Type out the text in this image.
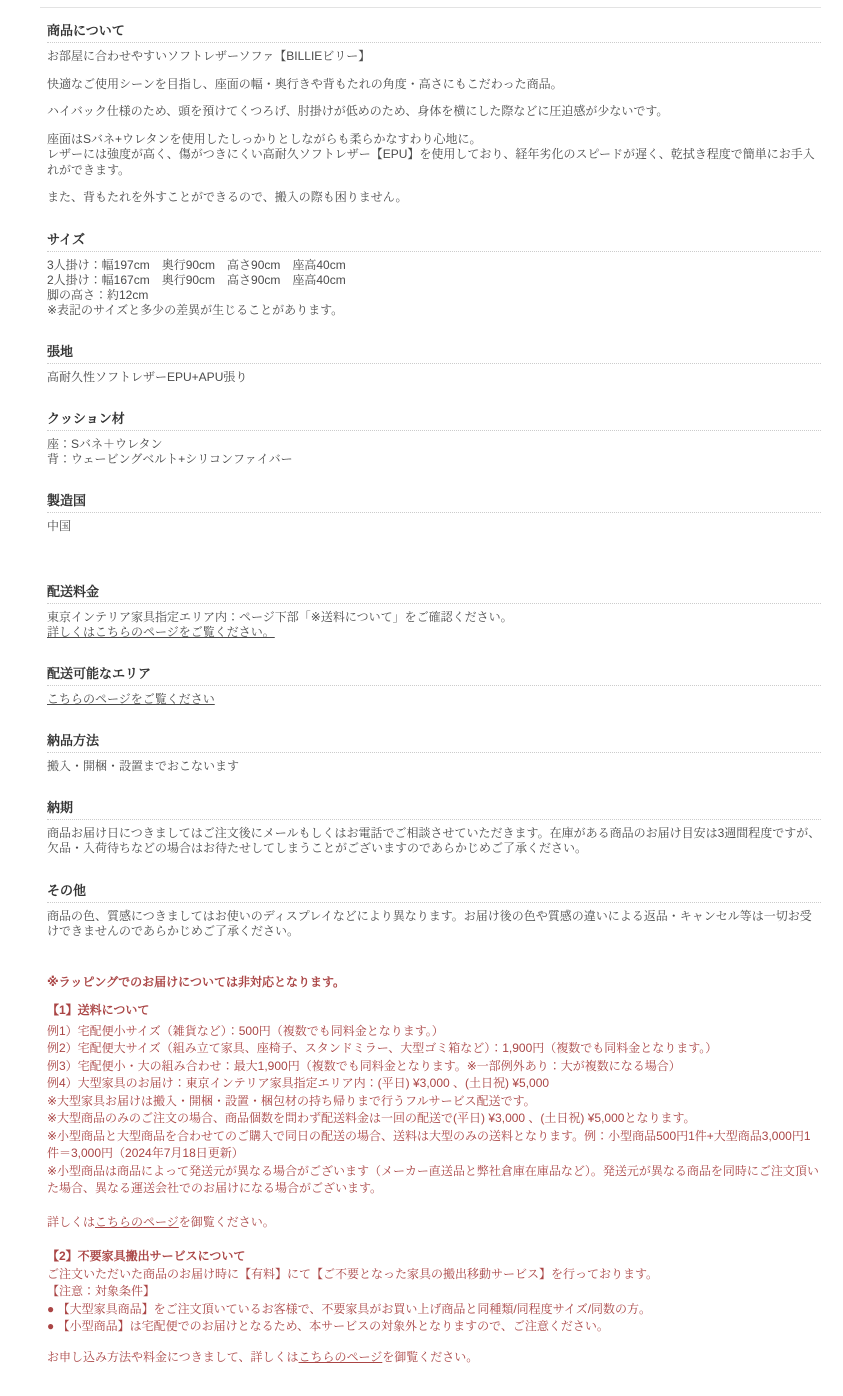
商品について

お部屋に合わせやすいソフトレザーソファ【BILLIEビリー】

快適なご使用シーンを目指し、座面の幅・奥行きや背もたれの角度・高さにもこだわった商品。

ハイバック仕様のため、頭を預けてくつろげ、肘掛けが低めのため、身体を横にした際などに圧迫感が少ないです。

座面はSバネ+ウレタンを使用したしっかりとしながらも柔らかなすわり心地に。
レザーには強度が高く、傷がつきにくい高耐久ソフトレザー【EPU】を使用しており、経年劣化のスピードが遅く、乾拭き程度で簡単にお手入れができます。

また、背もたれを外すことができるので、搬入の際も困りません。

サイズ
3人掛け：幅197cm　奥行90cm　高さ90cm　座高40cm
2人掛け：幅167cm　奥行90cm　高さ90cm　座高40cm
脚の高さ：約12cm
※表記のサイズと多少の差異が生じることがあります。
張地
高耐久性ソフトレザーEPU+APU張り
クッション材
座：Sバネ＋ウレタン
背：ウェービングベルト+シリコンファイバー
製造国
中国
配送料金
東京インテリア家具指定エリア内：ページ下部「※送料について」をご確認ください。
詳しくはこちらのページをご覧ください。
配送可能なエリア
こちらのページをご覧ください
納品方法
搬入・開梱・設置までおこないます
納期

商品お届け日につきましてはご注文後にメールもしくはお電話でご相談させていただきます。在庫がある商品のお届け目安は3週間程度ですが、欠品・入荷待ちなどの場合はお待たせしてしまうことがございますのであらかじめご了承ください。

その他

商品の色、質感につきましてはお使いのディスプレイなどにより異なります。お届け後の色や質感の違いによる返品・キャンセル等は一切お受けできませんのであらかじめご了承ください。

※ラッピングでのお届けについては非対応となります。

【1】送料について

例1）宅配便小サイズ（雑貨など）：500円（複数でも同料金となります。）

例2）宅配便大サイズ（組み立て家具、座椅子、スタンドミラー、大型ゴミ箱など）：1,900円（複数でも同料金となります。）

例3）宅配便小・大の組み合わせ：最大1,900円（複数でも同料金となります。※一部例外あり：大が複数になる場合）

例4）大型家具のお届け：東京インテリア家具指定エリア内：(平日) ¥3,000 、(土日祝) ¥5,000

※大型家具お届けは搬入・開梱・設置・梱包材の持ち帰りまで行うフルサービス配送です。

※大型商品のみのご注文の場合、商品個数を問わず配送料金は一回の配送で(平日) ¥3,000 、(土日祝) ¥5,000となります。

※小型商品と大型商品を合わせてのご購入で同日の配送の場合、送料は大型のみの送料となります。例：小型商品500円1件+大型商品3,000円1件＝3,000円（2024年7月18日更新）

※小型商品は商品によって発送元が異なる場合がございます（メーカー直送品と弊社倉庫在庫品など）。発送元が異なる商品を同時にご注文頂いた場合、異なる運送会社でのお届けになる場合がございます。

詳しくはこちらのページを御覧ください。

【2】不要家具搬出サービスについて

ご注文いただいた商品のお届け時に【有料】にて【ご不要となった家具の搬出移動サービス】を行っております。

【注意：対象条件】

● 【大型家具商品】をご注文頂いているお客様で、不要家具がお買い上げ商品と同種類/同程度サイズ/同数の方。

● 【小型商品】は宅配便でのお届けとなるため、本サービスの対象外となりますので、ご注意ください。

お申し込み方法や料金につきまして、詳しくはこちらのページを御覧ください。
